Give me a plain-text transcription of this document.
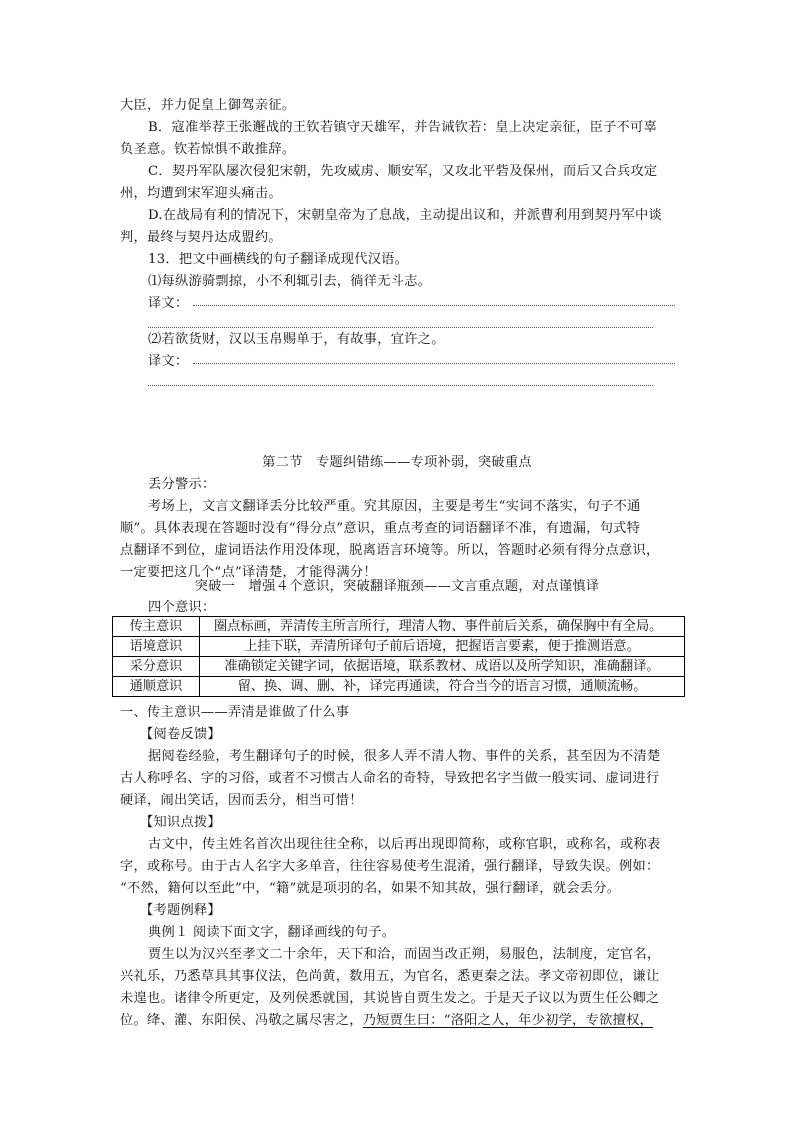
大臣，并力促皇上御驾亲征。
B．寇准举荐王张邂战的王钦若镇守天雄军，并告诫钦若：皇上决定亲征，臣子不可辜
负圣意。钦若惊惧不敢推辞。
C．契丹军队屡次侵犯宋朝，先攻威虏、顺安军，又攻北平砦及保州，而后又合兵攻定
州，均遭到宋军迎头痛击。
D.在战局有利的情况下，宋朝皇帝为了息战，主动提出议和，并派曹利用到契丹军中谈
判，最终与契丹达成盟约。
13．把文中画横线的句子翻译成现代汉语。
⑴每纵游骑剽掠，小不利辄引去，徜徉无斗志。
译文：
⑵若欲货财，汉以玉帛赐单于，有故事，宜许之。
译文：
第二节　专题纠错练——专项补弱，突破重点
丢分警示：
考场上，文言文翻译丢分比较严重。究其原因，主要是考生“实词不落实，句子不通
顺”。具体表现在答题时没有“得分点”意识，重点考查的词语翻译不准，有遗漏，句式特
点翻译不到位，虚词语法作用没体现，脱离语言环境等。所以，答题时必须有得分点意识，
一定要把这几个“点”译清楚，才能得满分！
突破一　增强４个意识，突破翻译瓶颈——文言重点题，对点谨慎译
四个意识：
传主意识	圈点标画，弄清传主所言所行，理清人物、事件前后关系，确保胸中有全局。
语境意识	上挂下联，弄清所译句子前后语境，把握语言要素，便于推测语意。
采分意识	准确锁定关键字词，依据语境，联系教材、成语以及所学知识，准确翻译。
通顺意识	留、换、调、删、补，译完再通读，符合当今的语言习惯，通顺流畅。
一、传主意识——弄清是谁做了什么事
【阅卷反馈】
据阅卷经验，考生翻译句子的时候，很多人弄不清人物、事件的关系，甚至因为不清楚
古人称呼名、字的习俗，或者不习惯古人命名的奇特，导致把名字当做一般实词、虚词进行
硬译，闹出笑话，因而丢分，相当可惜！
【知识点拨】
古文中，传主姓名首次出现往往全称，以后再出现即简称，或称官职，或称名，或称表
字，或称号。由于古人名字大多单音，往往容易使考生混淆，强行翻译，导致失误。例如：
“不然，籍何以至此”中，“籍”就是项羽的名，如果不知其故，强行翻译，就会丢分。
【考题例释】
典例１ 阅读下面文字，翻译画线的句子。
贾生以为汉兴至孝文二十余年，天下和洽，而固当改正朔，易服色，法制度，定官名，
兴礼乐，乃悉草具其事仪法，色尚黄，数用五，为官名，悉更秦之法。孝文帝初即位，谦让
未遑也。诸律令所更定，及列侯悉就国，其说皆自贾生发之。于是天子议以为贾生任公卿之
位。绛、灌、东阳侯、冯敬之属尽害之，乃短贾生曰：“洛阳之人，年少初学，专欲擅权，
